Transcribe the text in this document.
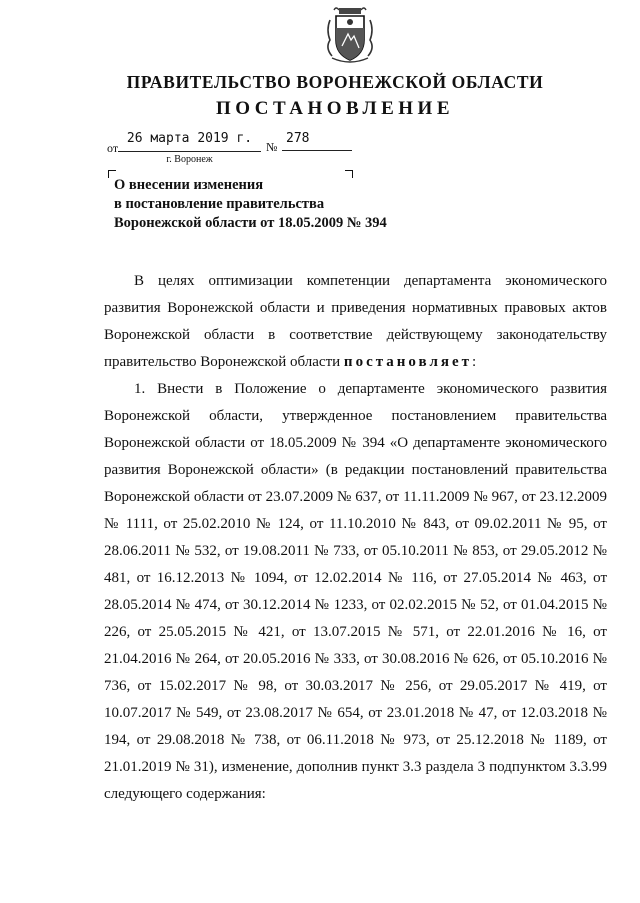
ПРАВИТЕЛЬСТВО ВОРОНЕЖСКОЙ ОБЛАСТИ
ПОСТАНОВЛЕНИЕ
от
26 марта 2019 г.
№
278
г. Воронеж
О внесении изменения
в постановление правительства
Воронежской области от 18.05.2009 № 394

В целях оптимизации компетенции департамента экономического развития Воронежской области и приведения нормативных правовых актов Воронежской области в соответствие действующему законодательству правительство Воронежской области постановляет:

1. Внести в Положение о департаменте экономического развития Воронежской области, утвержденное постановлением правительства Воронежской области от 18.05.2009 № 394 «О департаменте экономического развития Воронежской области» (в редакции постановлений правительства Воронежской области от 23.07.2009 № 637, от 11.11.2009 № 967, от 23.12.2009 № 1111, от 25.02.2010 № 124, от 11.10.2010 № 843, от 09.02.2011 № 95, от 28.06.2011 № 532, от 19.08.2011 № 733, от 05.10.2011 № 853, от 29.05.2012 № 481, от 16.12.2013 № 1094, от 12.02.2014 № 116, от 27.05.2014 № 463, от 28.05.2014 № 474, от 30.12.2014 № 1233, от 02.02.2015 № 52, от 01.04.2015 № 226, от 25.05.2015 № 421, от 13.07.2015 № 571, от 22.01.2016 № 16, от 21.04.2016 № 264, от 20.05.2016 № 333, от 30.08.2016 № 626, от 05.10.2016 № 736, от 15.02.2017 № 98, от 30.03.2017 № 256, от 29.05.2017 № 419, от 10.07.2017 № 549, от 23.08.2017 № 654, от 23.01.2018 № 47, от 12.03.2018 № 194, от 29.08.2018 № 738, от 06.11.2018 № 973, от 25.12.2018 № 1189, от 21.01.2019 № 31), изменение, дополнив пункт 3.3 раздела 3 подпунктом 3.3.99 следующего содержания:
